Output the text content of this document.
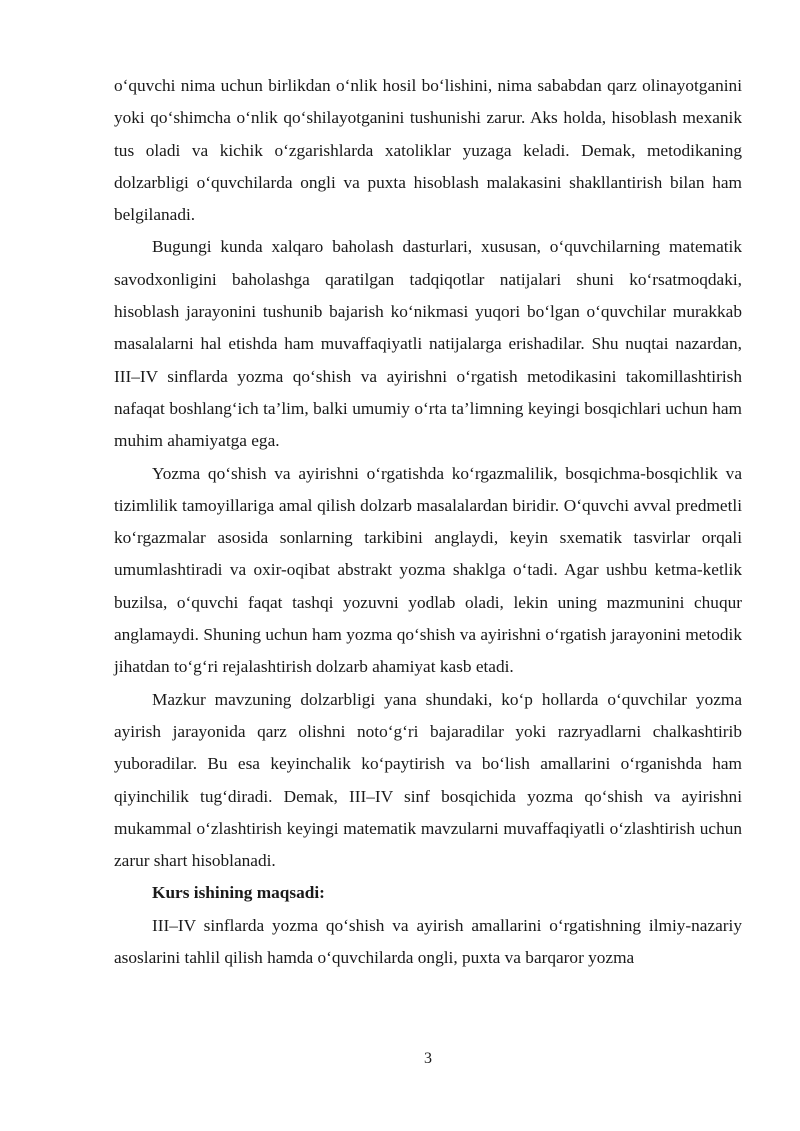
o‘quvchi nima uchun birlikdan o‘nlik hosil bo‘lishini, nima sababdan qarz olinayotganini yoki qo‘shimcha o‘nlik qo‘shilayotganini tushunishi zarur. Aks holda, hisoblash mexanik tus oladi va kichik o‘zgarishlarda xatoliklar yuzaga keladi. Demak, metodikaning dolzarbligi o‘quvchilarda ongli va puxta hisoblash malakasini shakllantirish bilan ham belgilanadi.

Bugungi kunda xalqaro baholash dasturlari, xususan, o‘quvchilarning matematik savodxonligini baholashga qaratilgan tadqiqotlar natijalari shuni ko‘rsatmoqdaki, hisoblash jarayonini tushunib bajarish ko‘nikmasi yuqori bo‘lgan o‘quvchilar murakkab masalalarni hal etishda ham muvaffaqiyatli natijalarga erishadilar. Shu nuqtai nazardan, III–IV sinflarda yozma qo‘shish va ayirishni o‘rgatish metodikasini takomillashtirish nafaqat boshlang‘ich ta’lim, balki umumiy o‘rta ta’limning keyingi bosqichlari uchun ham muhim ahamiyatga ega.

Yozma qo‘shish va ayirishni o‘rgatishda ko‘rgazmalilik, bosqichma-bosqichlik va tizimlilik tamoyillariga amal qilish dolzarb masalalardan biridir. O‘quvchi avval predmetli ko‘rgazmalar asosida sonlarning tarkibini anglaydi, keyin sxematik tasvirlar orqali umumlashtiradi va oxir-oqibat abstrakt yozma shaklga o‘tadi. Agar ushbu ketma-ketlik buzilsa, o‘quvchi faqat tashqi yozuvni yodlab oladi, lekin uning mazmunini chuqur anglamaydi. Shuning uchun ham yozma qo‘shish va ayirishni o‘rgatish jarayonini metodik jihatdan to‘g‘ri rejalashtirish dolzarb ahamiyat kasb etadi.

Mazkur mavzuning dolzarbligi yana shundaki, ko‘p hollarda o‘quvchilar yozma ayirish jarayonida qarz olishni noto‘g‘ri bajaradilar yoki razryadlarni chalkashtirib yuboradilar. Bu esa keyinchalik ko‘paytirish va bo‘lish amallarini o‘rganishda ham qiyinchilik tug‘diradi. Demak, III–IV sinf bosqichida yozma qo‘shish va ayirishni mukammal o‘zlashtirish keyingi matematik mavzularni muvaffaqiyatli o‘zlashtirish uchun zarur shart hisoblanadi.

Kurs ishining maqsadi:

III–IV sinflarda yozma qo‘shish va ayirish amallarini o‘rgatishning ilmiy-nazariy asoslarini tahlil qilish hamda o‘quvchilarda ongli, puxta va barqaror yozma

3
